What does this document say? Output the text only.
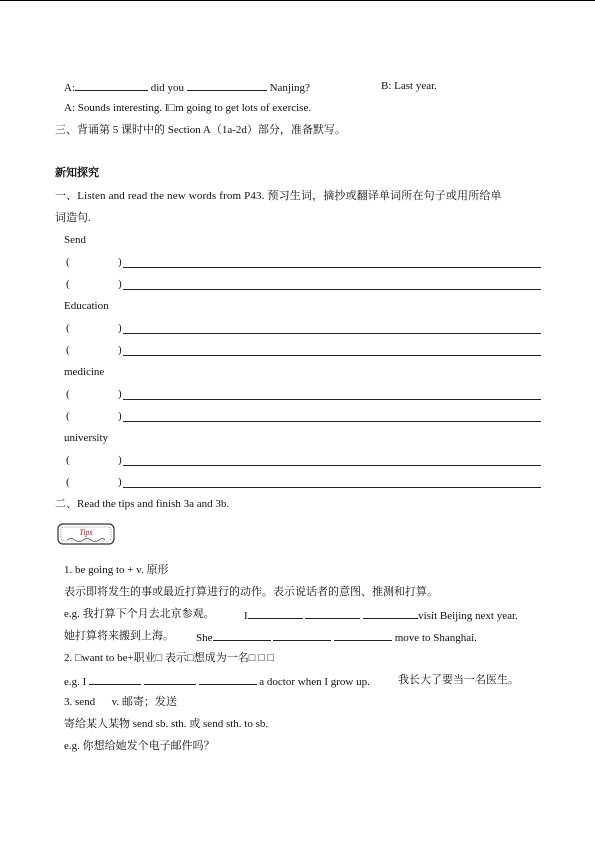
A:	did you	Nanjing?	B: Last year.
A: Sounds interesting. I□m going to get lots of exercise.
三、背诵第 5 课时中的 Section A（1a-2d）部分，准备默写。
新知探究
一、Listen and read the new words from P43. 预习生词，摘抄或翻译单词所在句子或用所给单
词造句.
Send
(	)
(	)
Education
(	)
(	)
medicine
(	)
(	)
university
(	)
(	)
二、Read the tips and finish 3a and 3b.
Tips
1. be going to + v. 原形
表示即将发生的事或最近打算进行的动作。表示说话者的意图、推测和打算。
e.g. 我打算下个月去北京参观。	I	visit Beijing next year.
她打算将来搬到上海。 She	move to Shanghai.
2. □want to be+职业□ 表示□想成为一名□ □ □
e.g. I	a doctor when I grow up.	我长大了要当一名医生。
3. send      v. 邮寄；发送
寄给某人某物 send sb. sth. 或 send sth. to sb.
e.g. 你想给她发个电子邮件吗？
